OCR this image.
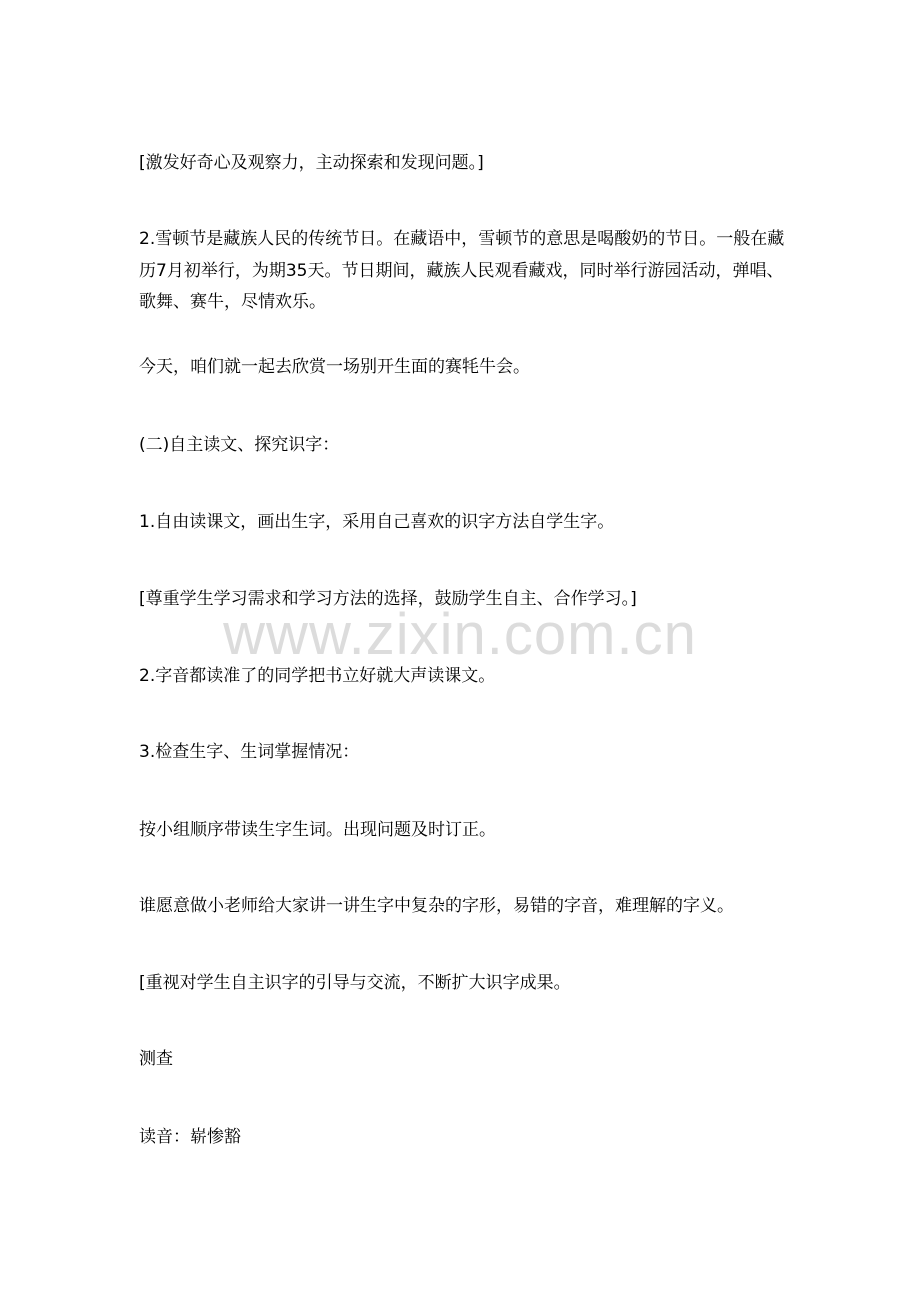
[激发好奇心及观察力，主动探索和发现问题。]
2.雪顿节是藏族人民的传统节日。在藏语中，雪顿节的意思是喝酸奶的节日。一般在藏历7月初举行，为期35天。节日期间，藏族人民观看藏戏，同时举行游园活动，弹唱、歌舞、赛牛，尽情欢乐。
今天，咱们就一起去欣赏一场别开生面的赛牦牛会。
(二)自主读文、探究识字：
1.自由读课文，画出生字，采用自己喜欢的识字方法自学生字。
[尊重学生学习需求和学习方法的选择，鼓励学生自主、合作学习。]
2.字音都读准了的同学把书立好就大声读课文。
3.检查生字、生词掌握情况：
按小组顺序带读生字生词。出现问题及时订正。
谁愿意做小老师给大家讲一讲生字中复杂的字形，易错的字音，难理解的字义。
[重视对学生自主识字的引导与交流，不断扩大识字成果。
测查
读音：崭惨豁
www.zixin.com.cn
